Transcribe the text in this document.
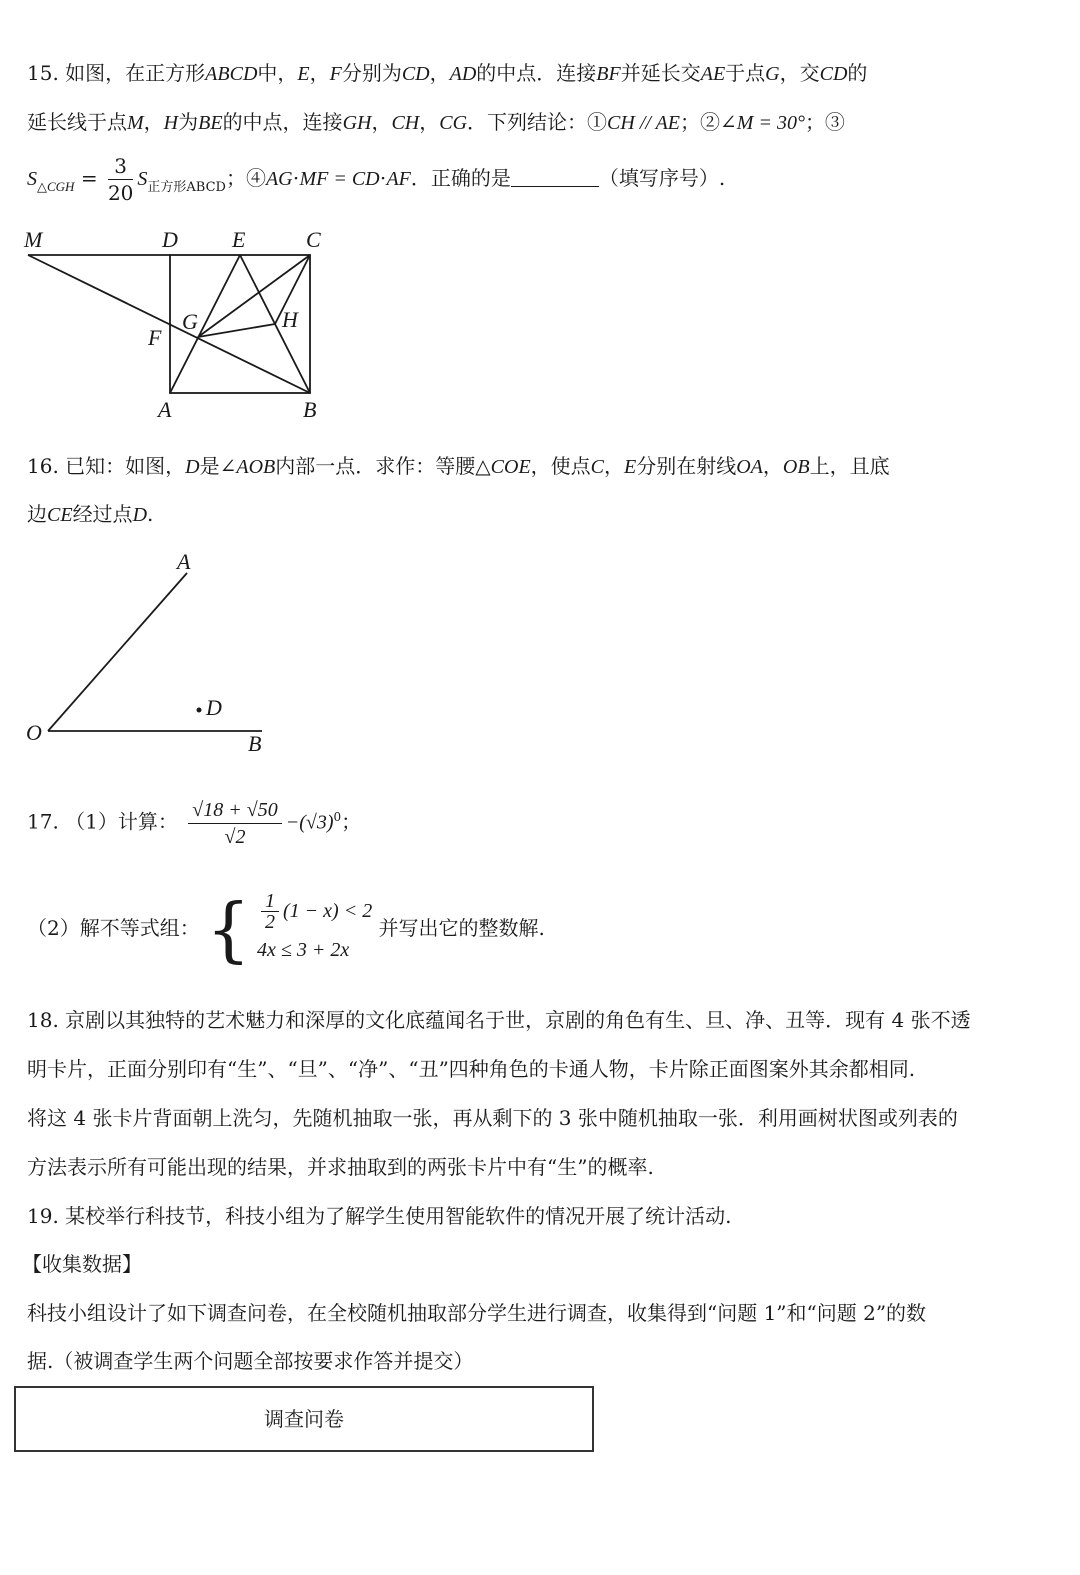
15. 如图，在正方形ABCD中，E，F分别为CD，AD的中点．连接BF并延长交AE于点G，交CD的
延长线于点M，H为BE的中点，连接GH，CH，CG．下列结论：①CH // AE；②∠M = 30°；③
$S_{\triangle CGH} = \frac{3}{20} S_{正方形ABCD}$；④AG⋅MF = CD⋅AF．正确的是	（填写序号）.
M	D E	C
G	H
F
A	B
16. 已知：如图，D是∠AOB内部一点．求作：等腰△COE，使点C，E分别在射线OA，OB上，且底
边CE经过点D.
A
D
O	B
17. （1）计算： $\frac{√18 + √50}{√2} -(√3)^0$；
（2）解不等式组： { $\frac{1}{2} (1 - x) < 2$
4x ≤ 3 + 2x
并写出它的整数解.
18. 京剧以其独特的艺术魅力和深厚的文化底蕴闻名于世，京剧的角色有生、旦、净、丑等．现有 4 张不透
明卡片，正面分别印有“生”、“旦”、“净”、“丑”四种角色的卡通人物，卡片除正面图案外其余都相同.
将这 4 张卡片背面朝上洗匀，先随机抽取一张，再从剩下的 3 张中随机抽取一张．利用画树状图或列表的
方法表示所有可能出现的结果，并求抽取到的两张卡片中有“生”的概率.
19. 某校举行科技节，科技小组为了解学生使用智能软件的情况开展了统计活动.
【收集数据】
科技小组设计了如下调查问卷，在全校随机抽取部分学生进行调查，收集得到“问题 1”和“问题 2”的数
据.（被调查学生两个问题全部按要求作答并提交）
调查问卷
